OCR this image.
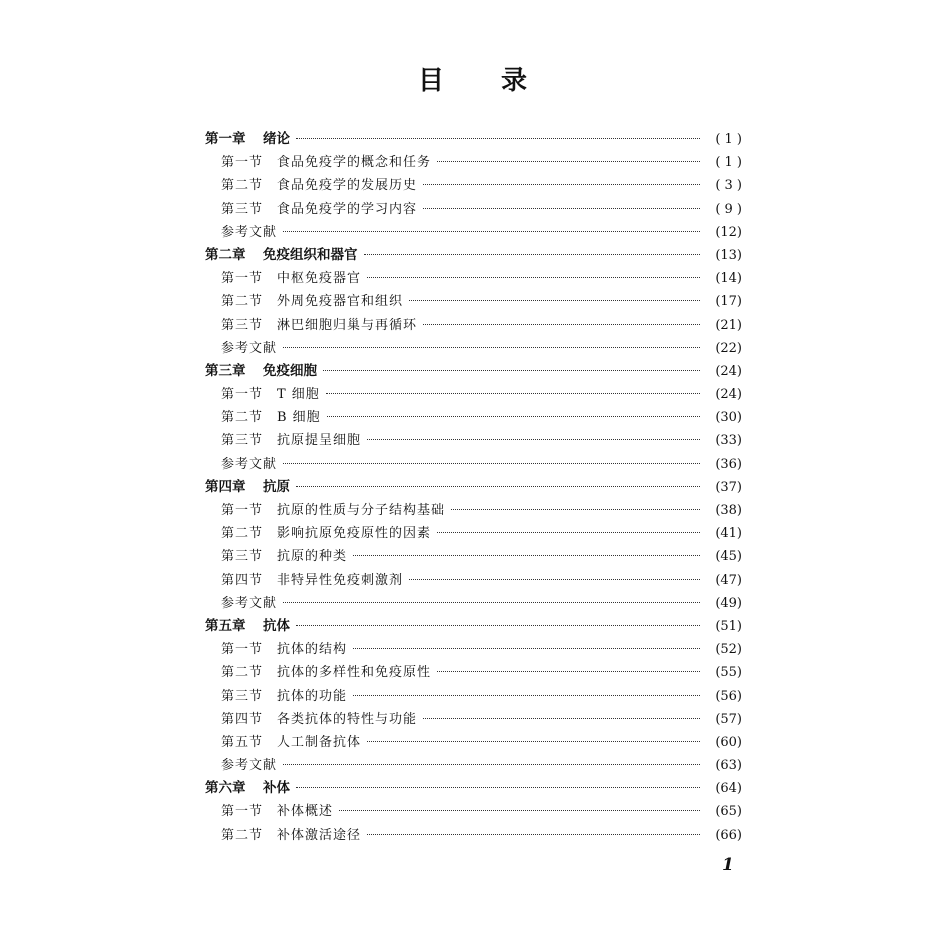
目 录
第一章	绪论	( 1 )
第一节	食品免疫学的概念和任务	( 1 )
第二节	食品免疫学的发展历史	( 3 )
第三节	食品免疫学的学习内容	( 9 )
参考文献	(12)
第二章	免疫组织和器官	(13)
第一节	中枢免疫器官	(14)
第二节	外周免疫器官和组织	(17)
第三节	淋巴细胞归巢与再循环	(21)
参考文献	(22)
第三章	免疫细胞	(24)
第一节	T 细胞	(24)
第二节	B 细胞	(30)
第三节	抗原提呈细胞	(33)
参考文献	(36)
第四章	抗原	(37)
第一节	抗原的性质与分子结构基础	(38)
第二节	影响抗原免疫原性的因素	(41)
第三节	抗原的种类	(45)
第四节	非特异性免疫刺激剂	(47)
参考文献	(49)
第五章	抗体	(51)
第一节	抗体的结构	(52)
第二节	抗体的多样性和免疫原性	(55)
第三节	抗体的功能	(56)
第四节	各类抗体的特性与功能	(57)
第五节	人工制备抗体	(60)
参考文献	(63)
第六章	补体	(64)
第一节	补体概述	(65)
第二节	补体激活途径	(66)
1
